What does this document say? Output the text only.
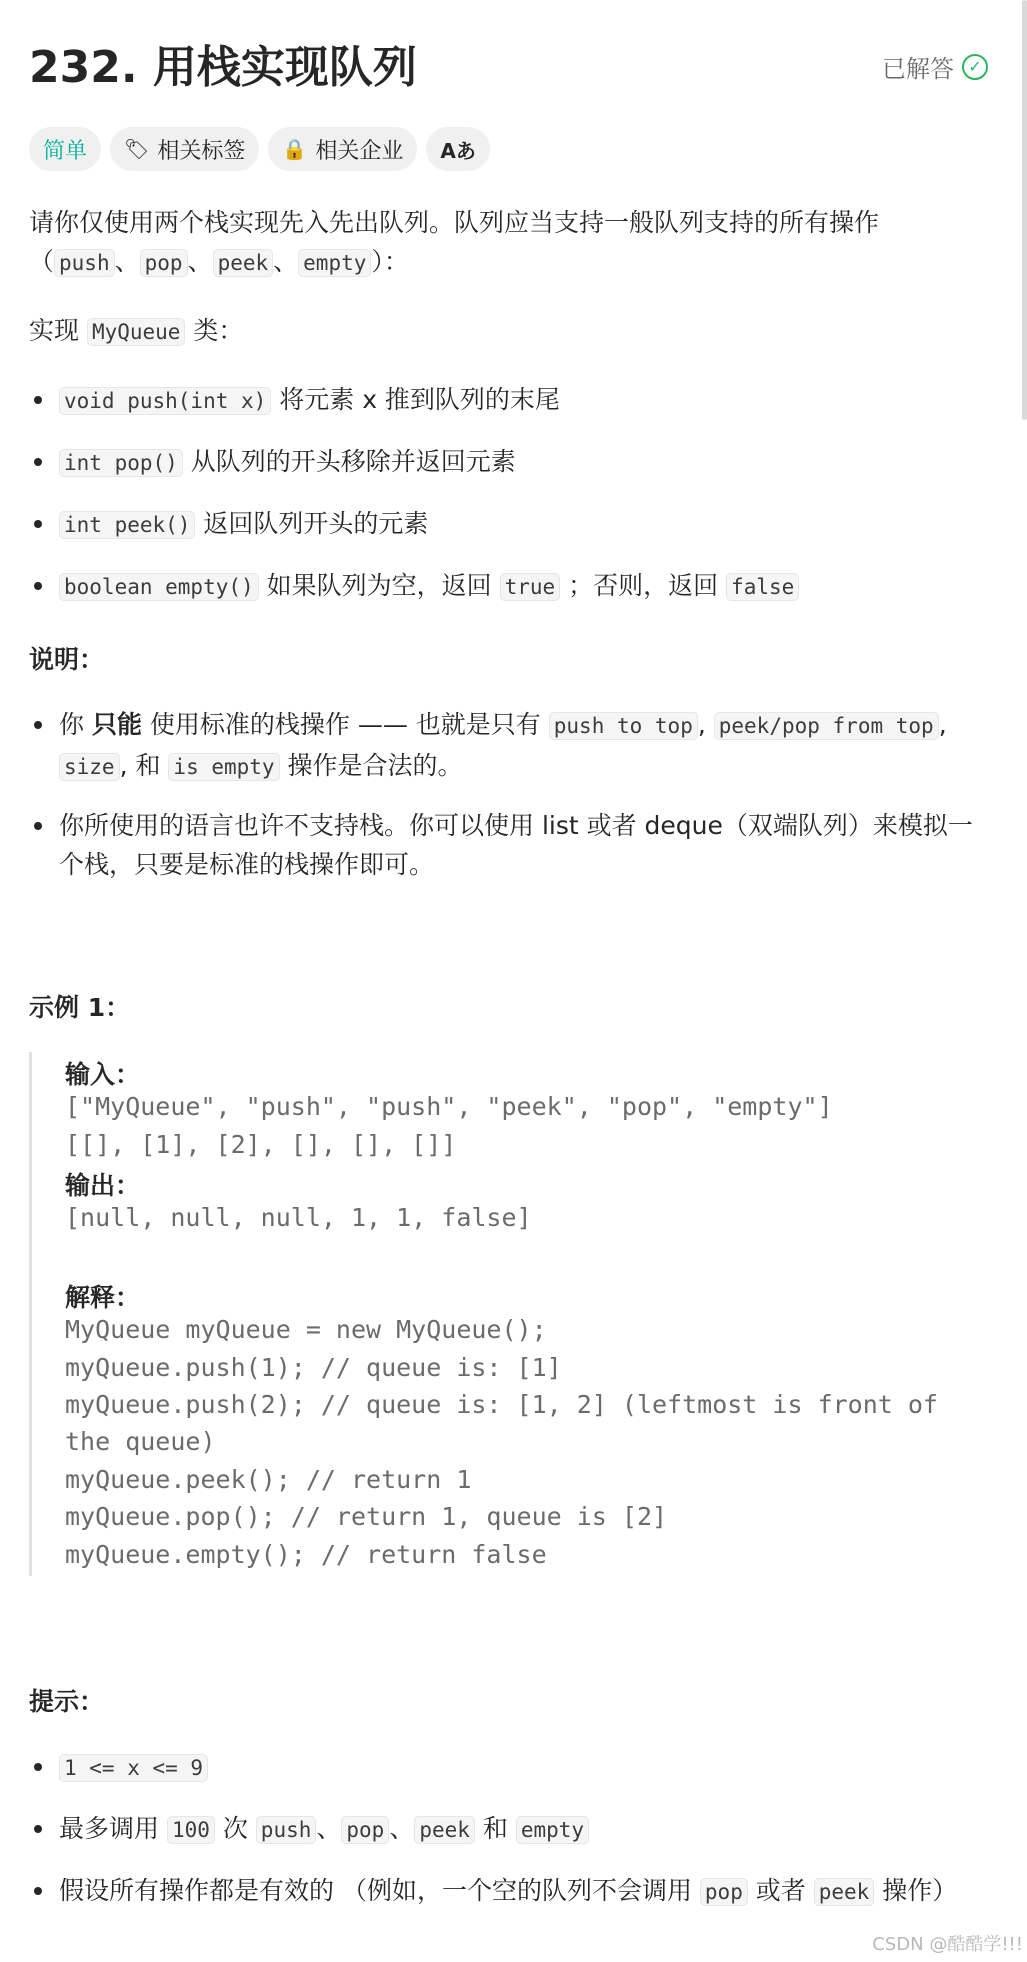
232. 用栈实现队列	已解答 ✓
简单 🏷 相关标签 🔒 相关企业 Aあ
请你仅使用两个栈实现先入先出队列。队列应当支持一般队列支持的所有操作
（ push 、 pop 、 peek 、 empty ）：
实现 MyQueue 类：
void push(int x) 将元素 x 推到队列的末尾
int pop() 从队列的开头移除并返回元素
int peek() 返回队列开头的元素
boolean empty() 如果队列为空，返回 true ；否则，返回 false
说明：
你 只能 使用标准的栈操作 —— 也就是只有 push to top , peek/pop from top , size , 和 is empty 操作是合法的。
你所使用的语言也许不支持栈。你可以使用 list 或者 deque（双端队列）来模拟一个栈，只要是标准的栈操作即可。
示例 1：
输入：
["MyQueue", "push", "push", "peek", "pop", "empty"]
[[], [1], [2], [], [], []]
输出：
[null, null, null, 1, 1, false]
解释：
MyQueue myQueue = new MyQueue();
myQueue.push(1); // queue is: [1]
myQueue.push(2); // queue is: [1, 2] (leftmost is front of
the queue)
myQueue.peek(); // return 1
myQueue.pop(); // return 1, queue is [2]
myQueue.empty(); // return false
提示：
1 <= x <= 9
最多调用 100 次 push 、 pop 、 peek 和 empty
假设所有操作都是有效的 （例如，一个空的队列不会调用 pop 或者 peek 操作）
CSDN @酷酷学!!!
